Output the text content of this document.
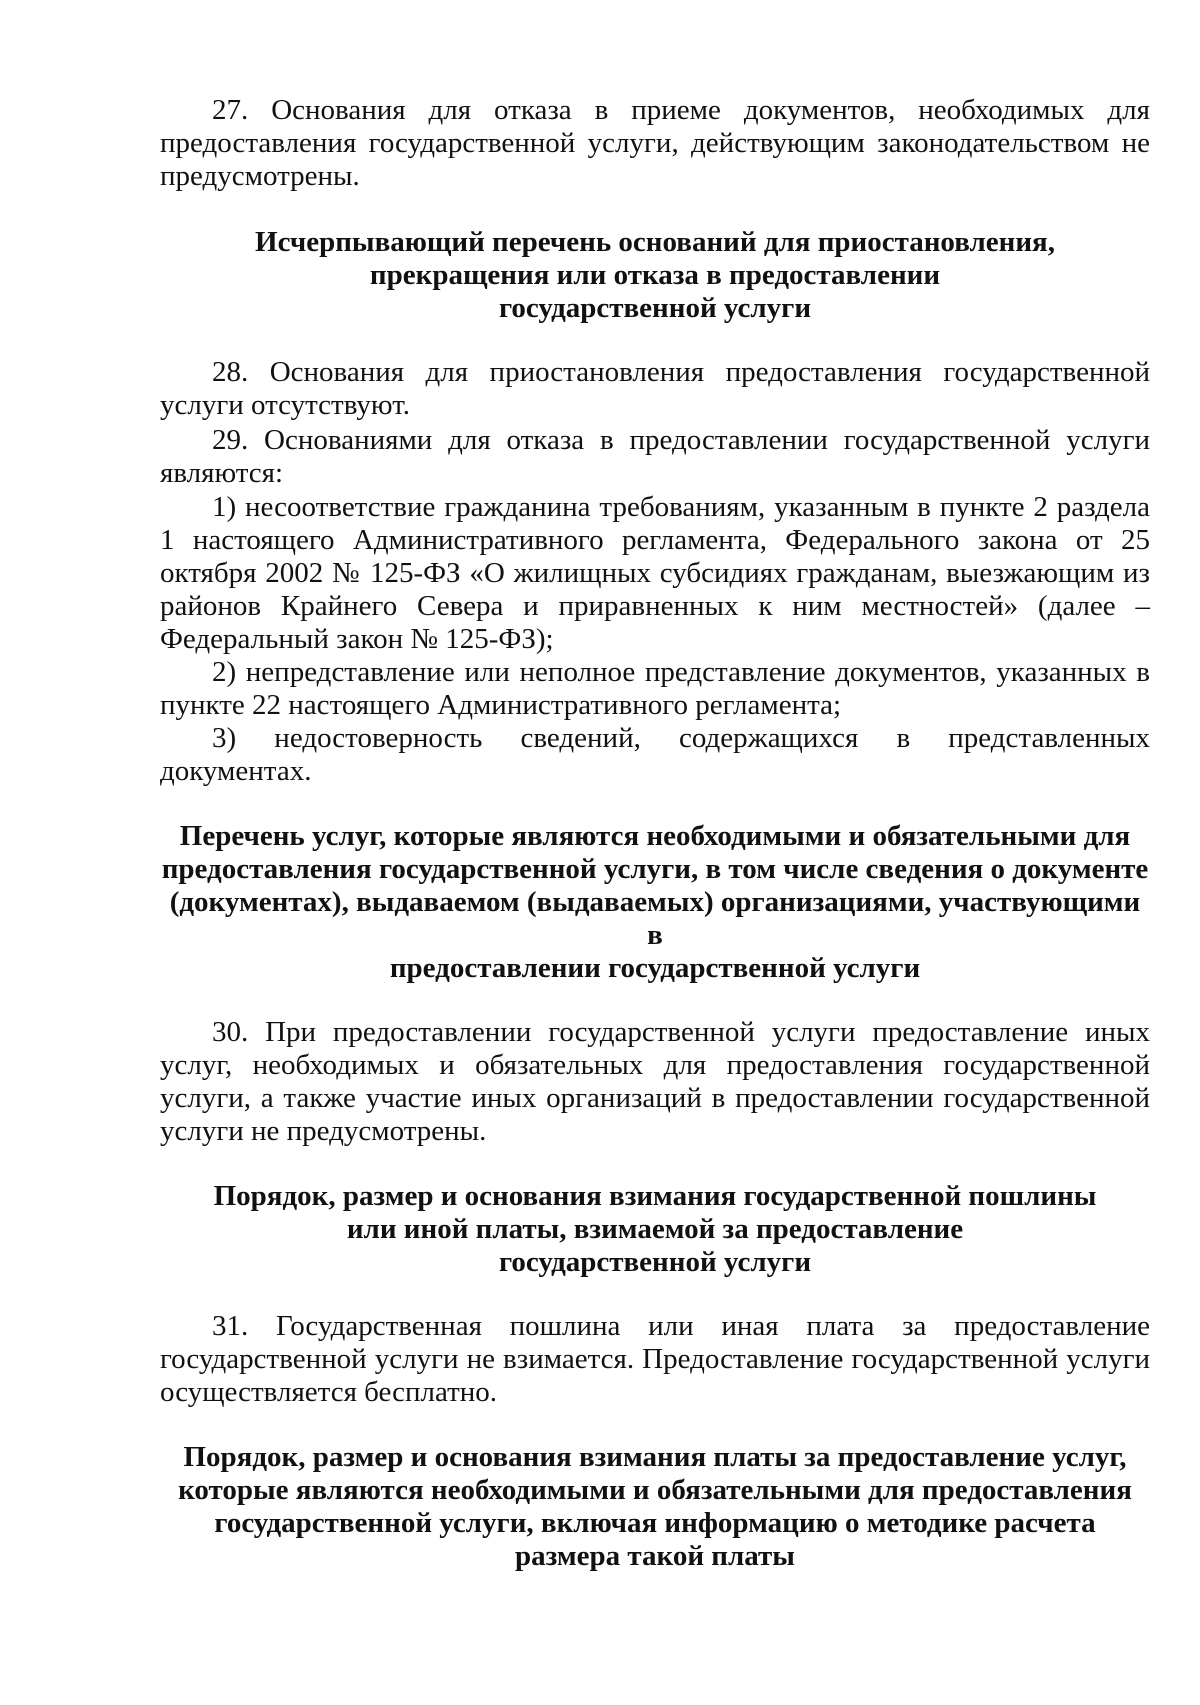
27. Основания для отказа в приеме документов, необходимых для предоставления государственной услуги, действующим законодательством не предусмотрены.

Исчерпывающий перечень оснований для приостановления,
прекращения или отказа в предоставлении
государственной услуги

28. Основания для приостановления предоставления государственной услуги отсутствуют.

29. Основаниями для отказа в предоставлении государственной услуги являются:

1) несоответствие гражданина требованиям, указанным в пункте 2 раздела 1 настоящего Административного регламента, Федерального закона от 25 октября 2002 № 125-ФЗ «О жилищных субсидиях гражданам, выезжающим из районов Крайнего Севера и приравненных к ним местностей» (далее – Федеральный закон № 125-ФЗ);

2) непредставление или неполное представление документов, указанных в пункте 22 настоящего Административного регламента;

3) недостоверность сведений, содержащихся в представленных документах.

Перечень услуг, которые являются необходимыми и обязательными для
предоставления государственной услуги, в том числе сведения о документе
(документах), выдаваемом (выдаваемых) организациями, участвующими в
предоставлении государственной услуги

30. При предоставлении государственной услуги предоставление иных услуг, необходимых и обязательных для предоставления государственной услуги, а также участие иных организаций в предоставлении государственной услуги не предусмотрены.

Порядок, размер и основания взимания государственной пошлины
или иной платы, взимаемой за предоставление
государственной услуги

31. Государственная пошлина или иная плата за предоставление государственной услуги не взимается. Предоставление государственной услуги осуществляется бесплатно.

Порядок, размер и основания взимания платы за предоставление услуг,
которые являются необходимыми и обязательными для предоставления
государственной услуги, включая информацию о методике расчета
размера такой платы
